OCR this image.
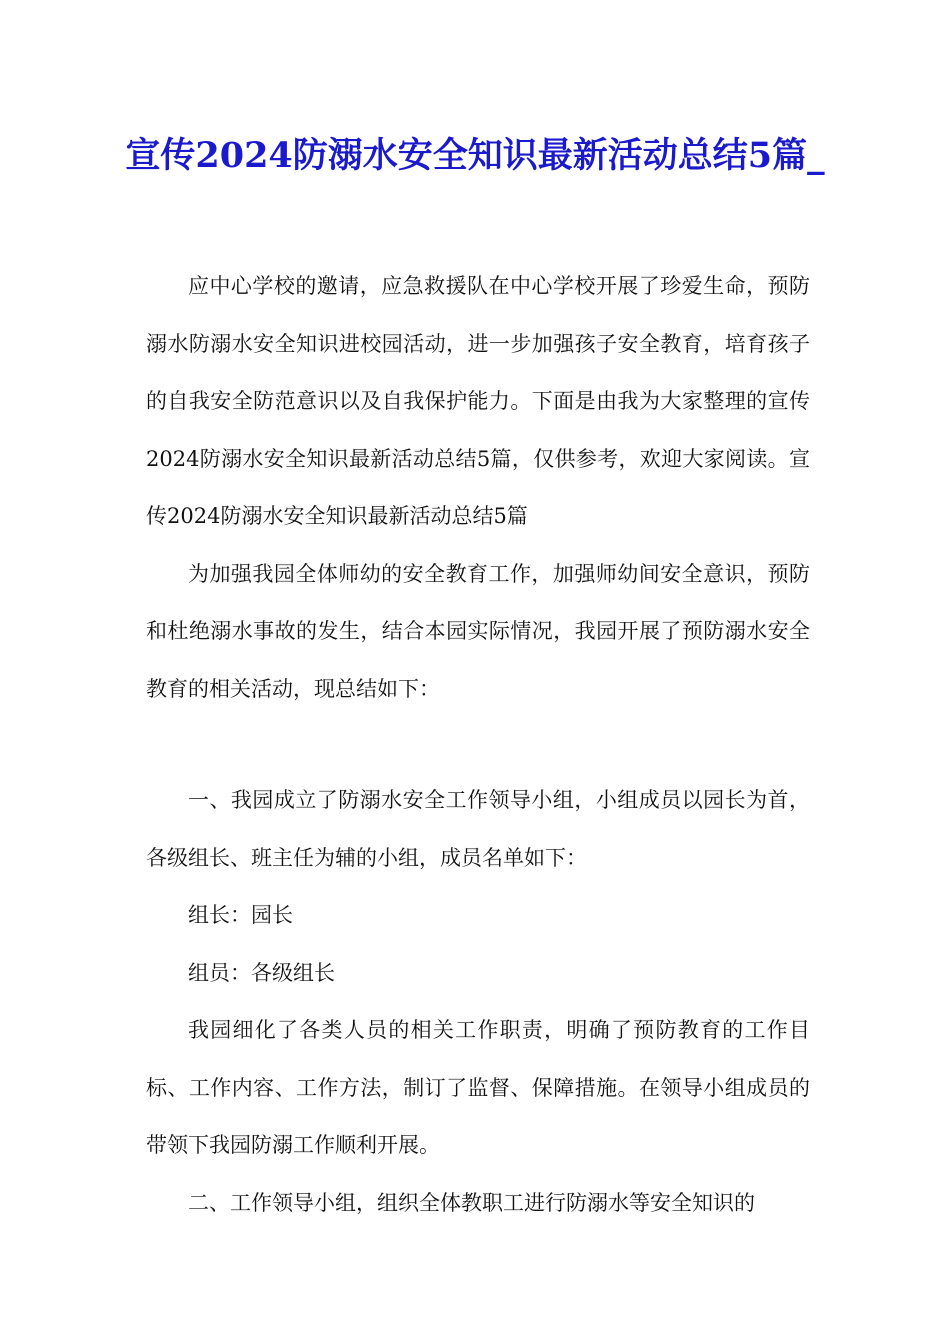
宣传2024防溺水安全知识最新活动总结5篇_

应中心学校的邀请，应急救援队在中心学校开展了珍爱生命，预防溺水防溺水安全知识进校园活动，进一步加强孩子安全教育，培育孩子的自我安全防范意识以及自我保护能力。下面是由我为大家整理的宣传2024防溺水安全知识最新活动总结5篇，仅供参考，欢迎大家阅读。宣传2024防溺水安全知识最新活动总结5篇

为加强我园全体师幼的安全教育工作，加强师幼间安全意识，预防和杜绝溺水事故的发生，结合本园实际情况，我园开展了预防溺水安全教育的相关活动，现总结如下：

一、我园成立了防溺水安全工作领导小组，小组成员以园长为首，各级组长、班主任为辅的小组，成员名单如下：

组长：园长

组员：各级组长

我园细化了各类人员的相关工作职责，明确了预防教育的工作目标、工作内容、工作方法，制订了监督、保障措施。在领导小组成员的带领下我园防溺工作顺利开展。

二、工作领导小组，组织全体教职工进行防溺水等安全知识的
